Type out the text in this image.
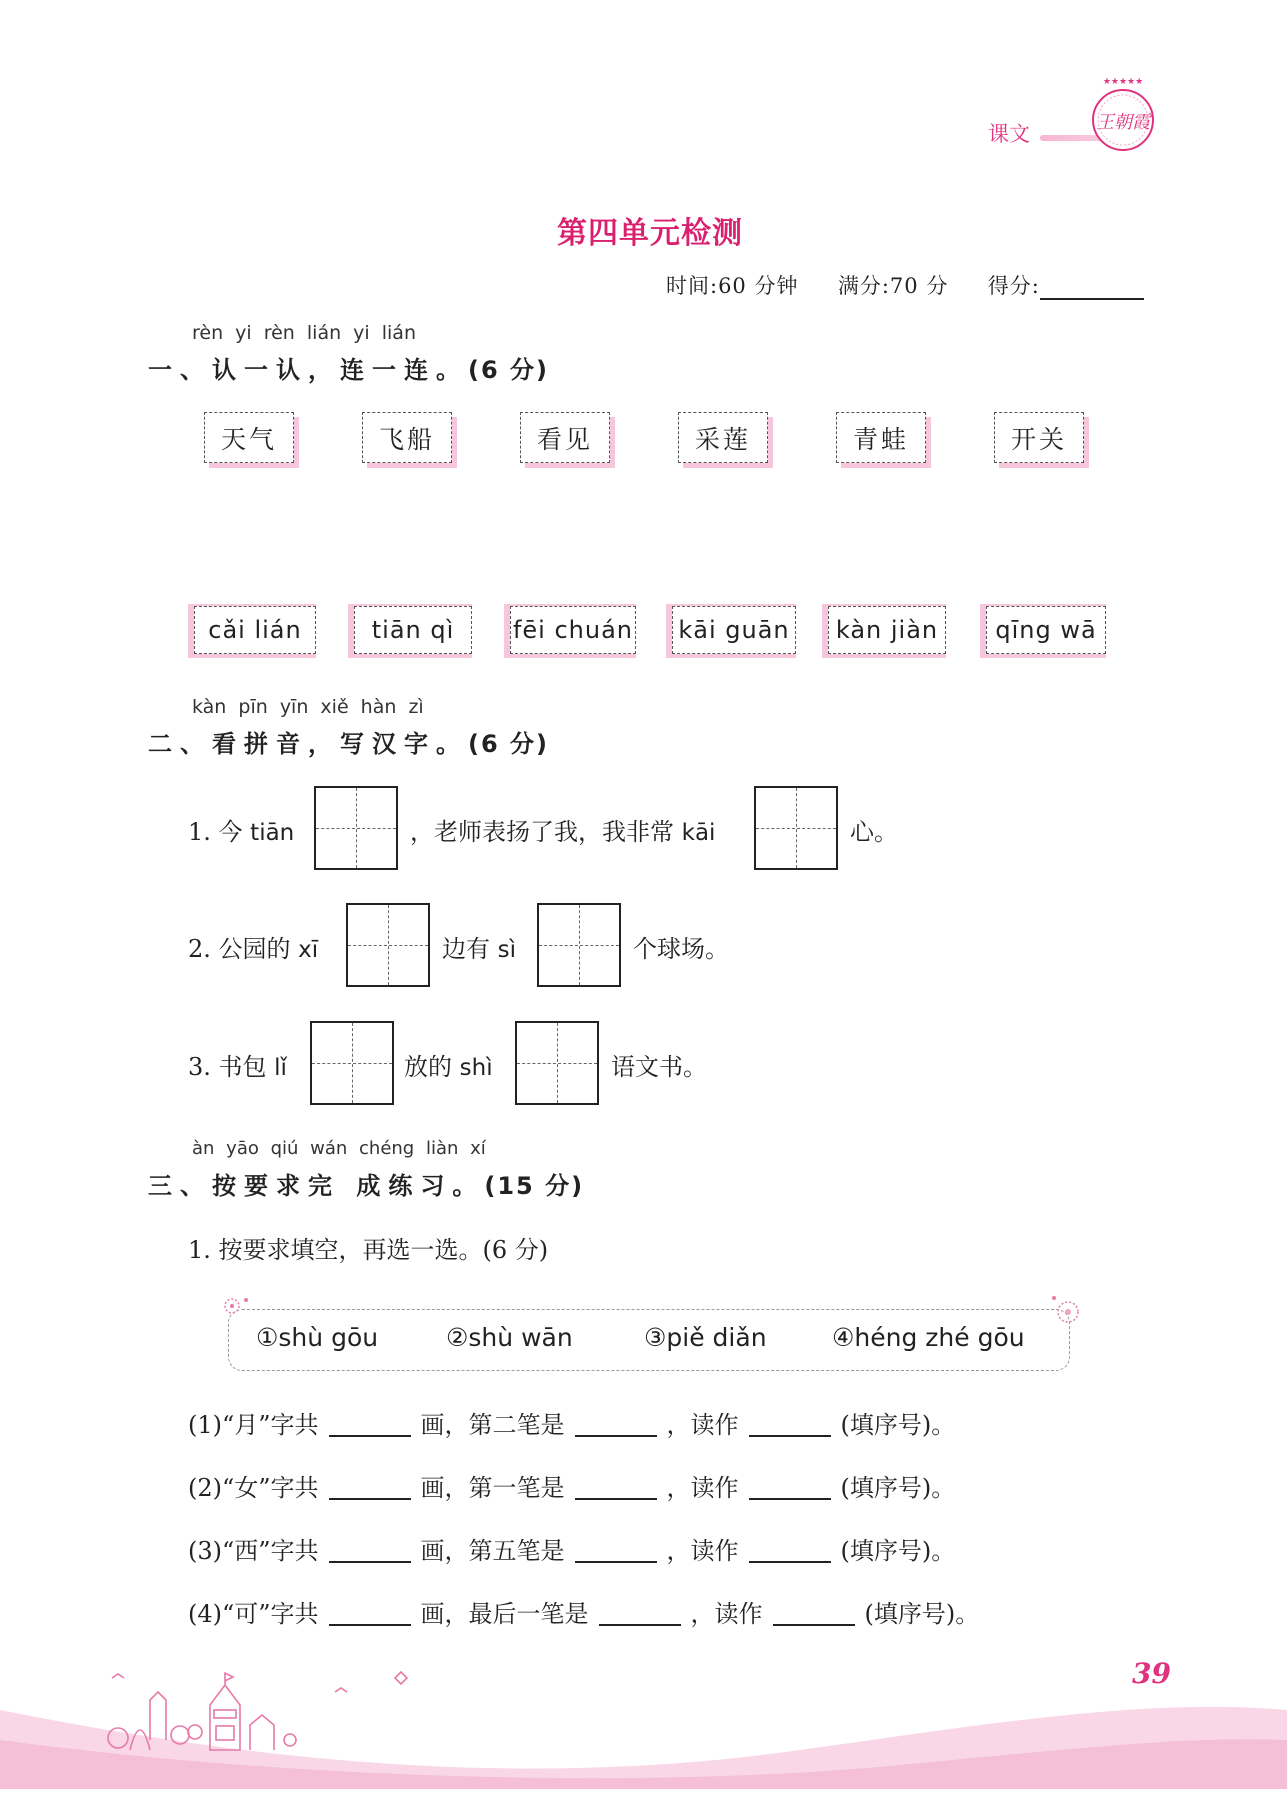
课文
★★★★★
王朝霞
第四单元检测
时间:60 分钟 满分:70 分 得分:
rèn yi rèn lián yi lián
一、认一认，连一连。(6 分)
天气	飞船	看见	采莲	青蛙	开关
cǎi lián	tiān qì	fēi chuán kāi guān	kàn jiàn	qīng wā
kàn pīn yīn xiě hàn zì
二、看拼音，写汉字。(6 分)
1. 今 tiān	，老师表扬了我，我非常 kāi	心。
2. 公园的 xī	边有 sì	个球场。
3. 书包 lǐ	放的 shì	语文书。
àn yāo qiú wán chéng liàn xí
三、按要求完 成练习。(15 分)
1. 按要求填空，再选一选。(6 分)
①shù gōu	②shù wān	③piě diǎn	④héng zhé gōu
(1)“月”字共	画，第二笔是	，读作	(填序号)。
(2)“女”字共	画，第一笔是	，读作	(填序号)。
(3)“西”字共	画，第五笔是	，读作	(填序号)。
(4)“可”字共	画，最后一笔是	，读作	(填序号)。
39
